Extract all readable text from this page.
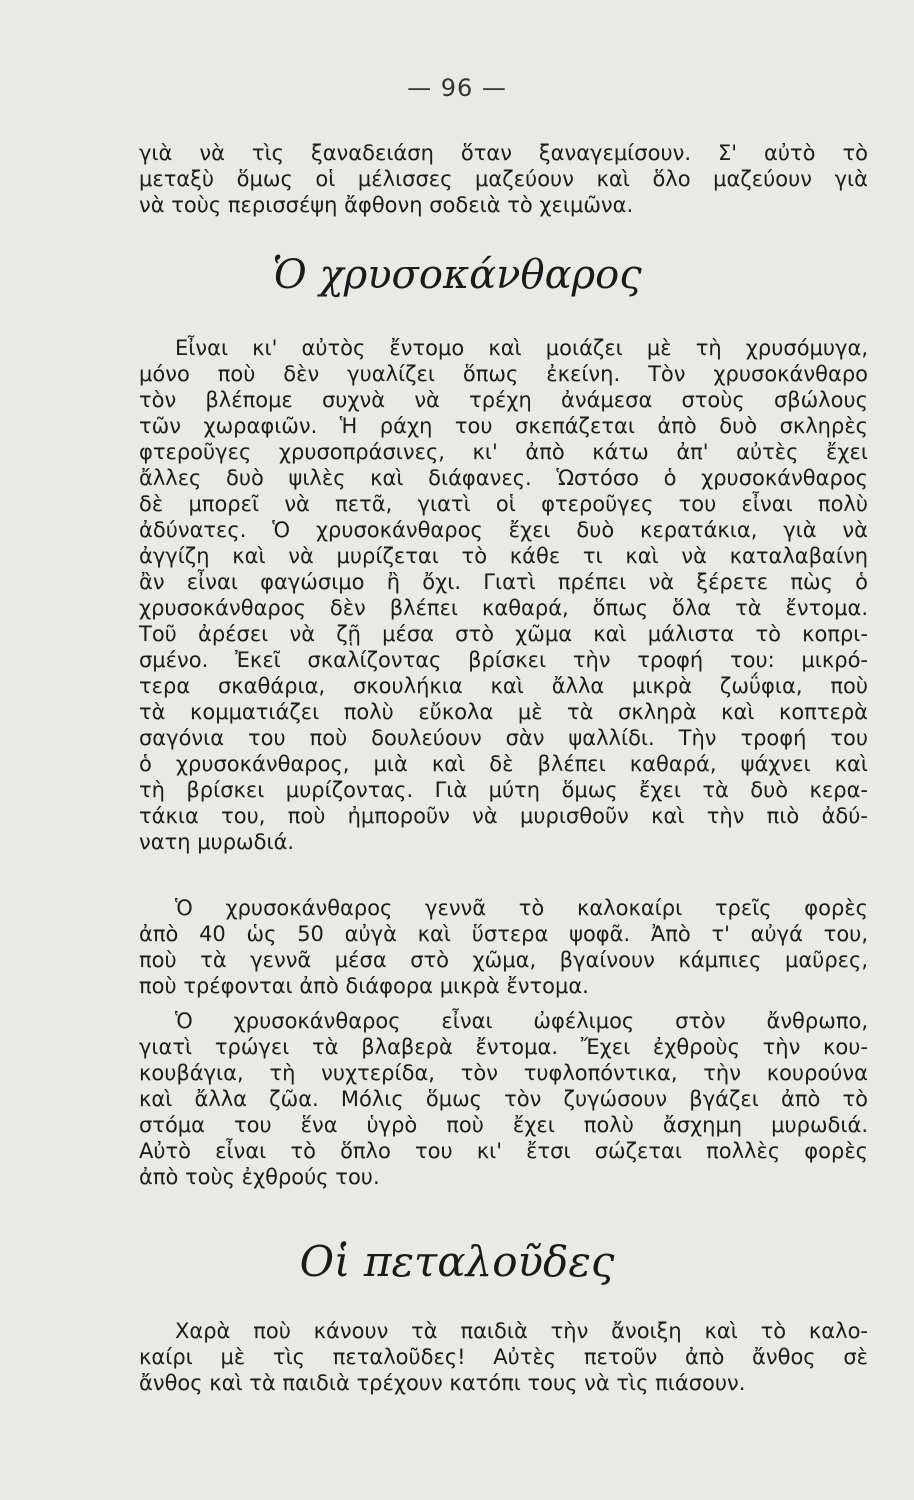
— 96 —
γιὰ νὰ τὶς ξαναδειάση ὅταν ξαναγεμίσουν. Σ' αὐτὸ τὸ
μεταξὺ ὅμως οἱ μέλισσες μαζεύουν καὶ ὅλο μαζεύουν γιὰ
νὰ τοὺς περισσέψη ἄφθονη σοδειὰ τὸ χειμῶνα.
Ὁ χρυσοκάνθαρος
Εἶναι κι' αὐτὸς ἔντομο καὶ μοιάζει μὲ τὴ χρυσόμυγα,
μόνο ποὺ δὲν γυαλίζει ὅπως ἐκείνη. Τὸν χρυσοκάνθαρο
τὸν βλέπομε συχνὰ νὰ τρέχη ἀνάμεσα στοὺς σβώλους
τῶν χωραφιῶν. Ἡ ράχη του σκεπάζεται ἀπὸ δυὸ σκληρὲς
φτεροῦγες χρυσοπράσινες, κι' ἀπὸ κάτω ἀπ' αὐτὲς ἔχει
ἄλλες δυὸ ψιλὲς καὶ διάφανες. Ὡστόσο ὁ χρυσοκάνθαρος
δὲ μπορεῖ νὰ πετᾶ, γιατὶ οἱ φτεροῦγες του εἶναι πολὺ
ἀδύνατες. Ὁ χρυσοκάνθαρος ἔχει δυὸ κερατάκια, γιὰ νὰ
ἀγγίζη καὶ νὰ μυρίζεται τὸ κάθε τι καὶ νὰ καταλαβαίνη
ἂν εἶναι φαγώσιμο ἢ ὄχι. Γιατὶ πρέπει νὰ ξέρετε πὼς ὁ
χρυσοκάνθαρος δὲν βλέπει καθαρά, ὅπως ὅλα τὰ ἔντομα.
Τοῦ ἀρέσει νὰ ζῇ μέσα στὸ χῶμα καὶ μάλιστα τὸ κοπρι-
σμένο. Ἐκεῖ σκαλίζοντας βρίσκει τὴν τροφή του: μικρό-
τερα σκαθάρια, σκουλήκια καὶ ἄλλα μικρὰ ζωΰφια, ποὺ
τὰ κομματιάζει πολὺ εὔκολα μὲ τὰ σκληρὰ καὶ κοπτερὰ
σαγόνια του ποὺ δουλεύουν σὰν ψαλλίδι. Τὴν τροφή του
ὁ χρυσοκάνθαρος, μιὰ καὶ δὲ βλέπει καθαρά, ψάχνει καὶ
τὴ βρίσκει μυρίζοντας. Γιὰ μύτη ὅμως ἔχει τὰ δυὸ κερα-
τάκια του, ποὺ ἠμποροῦν νὰ μυρισθοῦν καὶ τὴν πιὸ ἀδύ-
νατη μυρωδιά.
Ὁ χρυσοκάνθαρος γεννᾶ τὸ καλοκαίρι τρεῖς φορὲς
ἀπὸ 40 ὡς 50 αὐγὰ καὶ ὕστερα ψοφᾶ. Ἀπὸ τ' αὐγά του,
ποὺ τὰ γεννᾶ μέσα στὸ χῶμα, βγαίνουν κάμπιες μαῦρες,
ποὺ τρέφονται ἀπὸ διάφορα μικρὰ ἔντομα.
Ὁ χρυσοκάνθαρος εἶναι ὠφέλιμος στὸν ἄνθρωπο,
γιατὶ τρώγει τὰ βλαβερὰ ἔντομα. Ἔχει ἐχθροὺς τὴν κου-
κουβάγια, τὴ νυχτερίδα, τὸν τυφλοπόντικα, τὴν κουρούνα
καὶ ἄλλα ζῶα. Μόλις ὅμως τὸν ζυγώσουν βγάζει ἀπὸ τὸ
στόμα του ἕνα ὑγρὸ ποὺ ἔχει πολὺ ἄσχημη μυρωδιά.
Αὐτὸ εἶναι τὸ ὅπλο του κι' ἔτσι σώζεται πολλὲς φορὲς
ἀπὸ τοὺς ἐχθρούς του.
Οἱ πεταλοῦδες
Χαρὰ ποὺ κάνουν τὰ παιδιὰ τὴν ἄνοιξη καὶ τὸ καλο-
καίρι μὲ τὶς πεταλοῦδες! Αὐτὲς πετοῦν ἀπὸ ἄνθος σὲ
ἄνθος καὶ τὰ παιδιὰ τρέχουν κατόπι τους νὰ τὶς πιάσουν.
